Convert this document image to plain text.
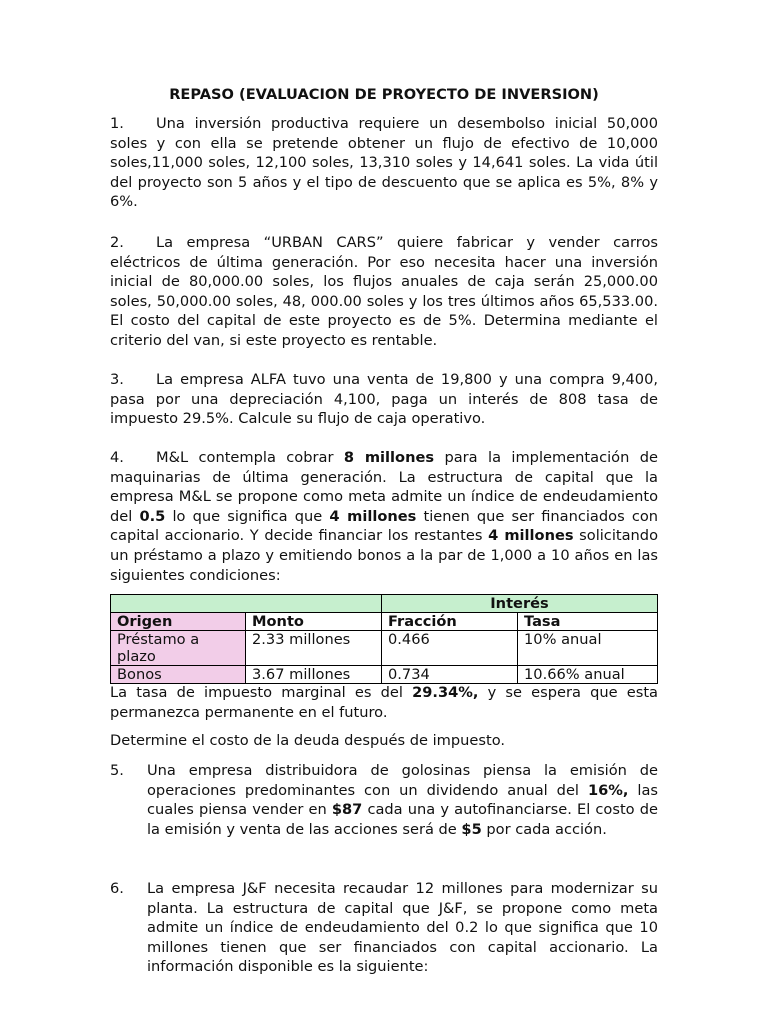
REPASO (EVALUACION DE PROYECTO DE INVERSION)

1. Una inversión productiva requiere un desembolso inicial 50,000 soles y con ella se pretende obtener un flujo de efectivo de 10,000 soles,11,000 soles, 12,100 soles, 13,310 soles y 14,641 soles. La vida útil del proyecto son 5 años y el tipo de descuento que se aplica es 5%, 8% y 6%.

2. La empresa “URBAN CARS” quiere fabricar y vender carros eléctricos de última generación. Por eso necesita hacer una inversión inicial de 80,000.00 soles, los flujos anuales de caja serán 25,000.00 soles, 50,000.00 soles, 48, 000.00 soles y los tres últimos años 65,533.00. El costo del capital de este proyecto es de 5%. Determina mediante el criterio del van, si este proyecto es rentable.

3. La empresa ALFA tuvo una venta de 19,800 y una compra 9,400, pasa por una depreciación 4,100, paga un interés de 808 tasa de impuesto 29.5%. Calcule su flujo de caja operativo.

4. M&L contempla cobrar 8 millones para la implementación de maquinarias de última generación. La estructura de capital que la empresa M&L se propone como meta admite un índice de endeudamiento del 0.5 lo que significa que 4 millones tienen que ser financiados con capital accionario. Y decide financiar los restantes 4 millones solicitando un préstamo a plazo y emitiendo bonos a la par de 1,000 a 10 años en las siguientes condiciones:

		Interés	
Origen	Monto	Fracción	Tasa
Préstamo a plazo	2.33 millones	0.466	10% anual
Bonos	3.67 millones	0.734	10.66% anual

La tasa de impuesto marginal es del 29.34%, y se espera que esta permanezca permanente en el futuro.

Determine el costo de la deuda después de impuesto.

5. Una empresa distribuidora de golosinas piensa la emisión de operaciones predominantes con un dividendo anual del 16%, las cuales piensa vender en $87 cada una y autofinanciarse. El costo de la emisión y venta de las acciones será de $5 por cada acción.

6. La empresa J&F necesita recaudar 12 millones para modernizar su planta. La estructura de capital que J&F, se propone como meta admite un índice de endeudamiento del 0.2 lo que significa que 10 millones tienen que ser financiados con capital accionario. La información disponible es la siguiente:
